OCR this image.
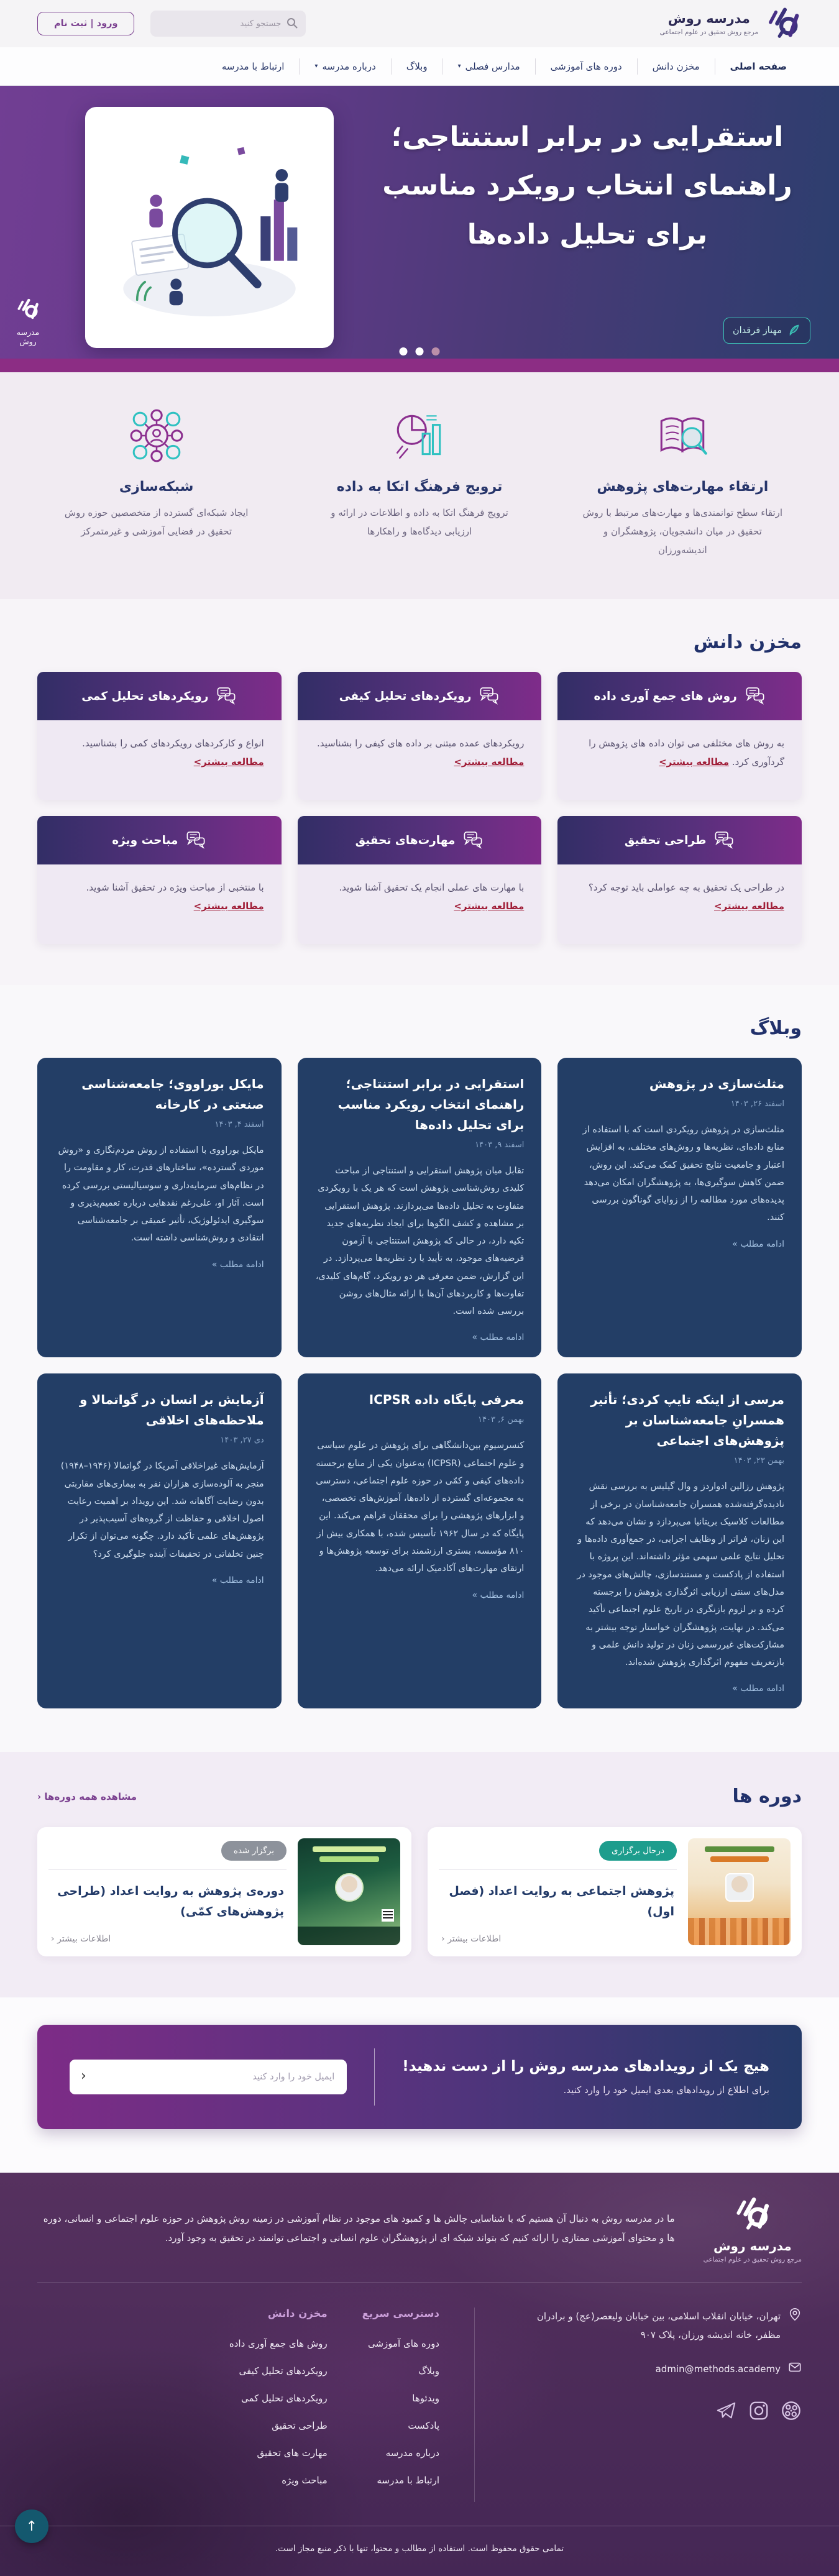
مدرسه روش
مرجع روش تحقیق در علوم اجتماعی
جستجو کنید
ورود | ثبت نام
صفحه اصلی
مخزن دانش
دوره های آموزشی
مدارس فصلی
▾
وبلاگ
درباره مدرسه
▾
ارتباط با مدرسه
استقرایی در برابر استنتاجی؛
راهنمای انتخاب رویکرد مناسب
برای تحلیل داده‌ها
مهناز فرقدان
مدرسه روش
ارتقاء مهارت‌های پژوهش

ارتقاء سطح توانمندی‌ها و مهارت‌های مرتبط با روش تحقیق در میان دانشجویان، پژوهشگران و اندیشه‌ورزان

ترویج فرهنگ اتکا به داده

ترویج فرهنگ اتکا به داده و اطلاعات در ارائه و ارزیابی دیدگاه‌ها و راهکارها

شبکه‌سازی

ایجاد شبکه‌ای گسترده از متخصصین حوزه روش تحقیق در فضایی آموزشی و غیرمتمرکز

مخزن دانش
روش های جمع آوری داده
به روش های مختلفی می توان داده های پژوهش را گردآوری کرد. مطالعه بیشتر>
رویکردهای تحلیل کیفی
رویکردهای عمده مبتنی بر داده های کیفی را بشناسید. مطالعه بیشتر>
رویکردهای تحلیل کمی
انواع و کارکردهای رویکردهای کمی را بشناسید. مطالعه بیشتر>
طراحی تحقیق
در طراحی یک تحقیق به چه عواملی باید توجه کرد؟ مطالعه بیشتر>
مهارت‌های تحقیق
با مهارت های عملی انجام یک تحقیق آشنا شوید. مطالعه بیشتر>
مباحث ویژه
با منتخبی از مباحث ویژه در تحقیق آشنا شوید. مطالعه بیشتر>
وبلاگ
مثلث‌سازی در پژوهش
اسفند ۲۶, ۱۴۰۳

مثلث‌سازی در پژوهش رویکردی است که با استفاده از منابع داده‌ای، نظریه‌ها و روش‌های مختلف، به افزایش اعتبار و جامعیت نتایج تحقیق کمک می‌کند. این روش، ضمن کاهش سوگیری‌ها، به پژوهشگران امکان می‌دهد پدیده‌های مورد مطالعه را از زوایای گوناگون بررسی کنند.

ادامه مطلب »
استقرایی در برابر استنتاجی؛ راهنمای انتخاب رویکرد مناسب برای تحلیل داده‌ها
اسفند ۹, ۱۴۰۳

تقابل میان پژوهش استقرایی و استنتاجی از مباحث کلیدی روش‌شناسی پژوهش است که هر یک با رویکردی متفاوت به تحلیل داده‌ها می‌پردازند. پژوهش استقرایی بر مشاهده و کشف الگوها برای ایجاد نظریه‌های جدید تکیه دارد، در حالی که پژوهش استنتاجی با آزمون فرضیه‌های موجود، به تأیید یا رد نظریه‌ها می‌پردازد. در این گزارش، ضمن معرفی هر دو رویکرد، گام‌های کلیدی، تفاوت‌ها و کاربردهای آن‌ها با ارائه مثال‌های روشن بررسی شده است.

ادامه مطلب »
مایکل بوراووی؛ جامعه‌شناسی صنعتی در کارخانه
اسفند ۴, ۱۴۰۳

مایکل بوراووی با استفاده از روش مردم‌نگاری و «روش موردی گسترده»، ساختارهای قدرت، کار و مقاومت را در نظام‌های سرمایه‌داری و سوسیالیستی بررسی کرده است. آثار او، علی‌رغم نقدهایی درباره تعمیم‌پذیری و سوگیری ایدئولوژیک، تأثیر عمیقی بر جامعه‌شناسی انتقادی و روش‌شناسی داشته است.

ادامه مطلب »
مرسی از اینکه تایپ کردی؛ تأثیر همسرانِ جامعه‌شناسان بر پژوهش‌های اجتماعی
بهمن ۲۳, ۱۴۰۳

پژوهش رزالین ادواردز و وال گیلیس به بررسی نقش نادیده‌گرفته‌شده همسران جامعه‌شناسان در برخی از مطالعات کلاسیک بریتانیا می‌پردازد و نشان می‌دهد که این زنان، فراتر از وظایف اجرایی، در جمع‌آوری داده‌ها و تحلیل نتایج علمی سهمی مؤثر داشته‌اند. این پروژه با استفاده از پادکست و مستندسازی، چالش‌های موجود در مدل‌های سنتی ارزیابی اثرگذاری پژوهش را برجسته کرده و بر لزوم بازنگری در تاریخ علوم اجتماعی تأکید می‌کند. در نهایت، پژوهشگران خواستار توجه بیشتر به مشارکت‌های غیررسمی زنان در تولید دانش علمی و بازتعریف مفهوم اثرگذاری پژوهش شده‌اند.

ادامه مطلب »
معرفی پایگاه داده ICPSR
بهمن ۶, ۱۴۰۳

کنسرسیوم بین‌دانشگاهی برای پژوهش در علوم سیاسی و علوم اجتماعی (ICPSR) به‌عنوان یکی از منابع برجسته داده‌های کیفی و کمّی در حوزه علوم اجتماعی، دسترسی به مجموعه‌ای گسترده از داده‌ها، آموزش‌های تخصصی، و ابزارهای پژوهشی را برای محققان فراهم می‌کند. این پایگاه که در سال ۱۹۶۲ تأسیس شده، با همکاری بیش از ۸۱۰ مؤسسه، بستری ارزشمند برای توسعه پژوهش‌ها و ارتقای مهارت‌های آکادمیک ارائه می‌دهد.

ادامه مطلب »
آزمایش بر انسان در گواتمالا و ملاحظه‌های اخلاقی
دی ۲۷, ۱۴۰۳

آزمایش‌های غیراخلاقی آمریکا در گواتمالا (۱۹۴۶–۱۹۴۸) منجر به آلوده‌سازی هزاران نفر به بیماری‌های مقاربتی بدون رضایت آگاهانه شد. این رویداد بر اهمیت رعایت اصول اخلاقی و حفاظت از گروه‌های آسیب‌پذیر در پژوهش‌های علمی تأکید دارد. چگونه می‌توان از تکرار چنین تخلفاتی در تحقیقات آینده جلوگیری کرد؟

ادامه مطلب »
دوره ها
مشاهده همه دوره‌ها ‹
درحال برگزاری
پژوهش اجتماعی به روایت اعداد (فصل اول)
اطلاعات بیشتر ‹
برگزار شده
دوره‌ی پژوهش به روایت اعداد (طراحی پژوهش‌های کمّی)
اطلاعات بیشتر ‹
هیچ یک از رویدادهای مدرسه روش را از دست ندهید!

برای اطلاع از رویدادهای بعدی ایمیل خود را وارد کنید.

ایمیل خود را وارد کنید
‹
مدرسه روش
مرجع روش تحقیق در علوم اجتماعی

ما در مدرسه روش به دنبال آن هستیم که با شناسایی چالش ها و کمبود های موجود در نظام آموزشی در زمینه روش پژوهش در حوزه علوم اجتماعی و انسانی، دوره ها و محتوای آموزشی ممتازی را ارائه کنیم که بتواند شبکه ای از پژوهشگران علوم انسانی و اجتماعی توانمند در تحقیق به وجود آورد.

تهران، خیابان انقلاب اسلامی، بین خیابان ولیعصر(عج) و برادران مظفر، خانه اندیشه ورزان، پلاک ۹۰۷
admin@methods.academy
دسترسی سریع
دوره های آموزشی
وبلاگ
ویدئوها
پادکست
درباره مدرسه
ارتباط با مدرسه
مخزن دانش
روش های جمع آوری داده
رویکردهای تحلیل کیفی
رویکردهای تحلیل کمی
طراحی تحقیق
مهارت های تحقیق
مباحث ویژه
↑
تمامی حقوق محفوظ است. استفاده از مطالب و محتوا، تنها با ذکر منبع مجاز است.
